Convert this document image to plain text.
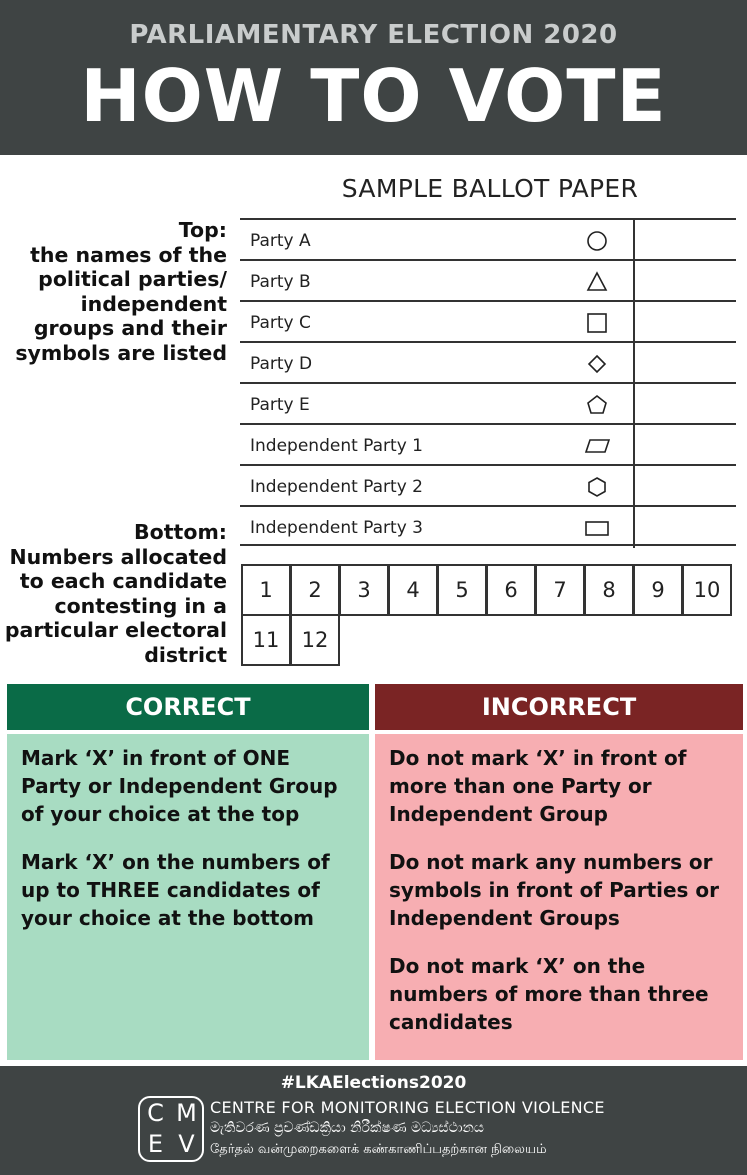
PARLIAMENTARY ELECTION 2020
HOW TO VOTE
SAMPLE BALLOT PAPER
Top:
the names of the political parties/ independent groups and their symbols are listed
Bottom:
Numbers allocated to each candidate contesting in a particular electoral district
Party A
Party B
Party C
Party D
Party E
Independent Party 1
Independent Party 2
Independent Party 3
1	2	3	4	5	6	7	8	9	10
11	12
CORRECT	INCORRECT
Mark ‘X’ in front of ONE Party or Independent Group of your choice at the top
Mark ‘X’ on the numbers of up to THREE candidates of your choice at the bottom
Do not mark ‘X’ in front of more than one Party or Independent Group
Do not mark any numbers or symbols in front of Parties or Independent Groups
Do not mark ‘X’ on the numbers of more than three candidates
#LKAElections2020
C M
E V
CENTRE FOR MONITORING ELECTION VIOLENCE
මැතිවරණ ප්‍රචණ්ඩක්‍රියා නිරීක්ෂණ මධ්‍යස්ථානය
தேர்தல் வன்முறைகளைக் கண்காணிப்பதற்கான நிலையம்
